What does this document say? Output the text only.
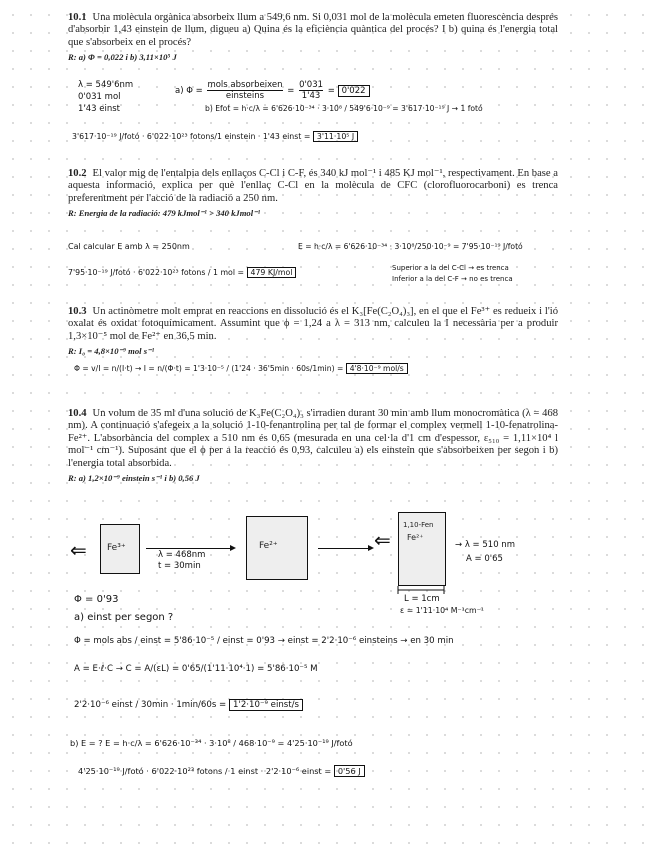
10.1 Una molècula orgànica absorbeix llum a 549,6 nm. Si 0,031 mol de la molècula emeten fluorescència després d'absorbir 1,43 einstein de llum, digueu a) Quina és la eficiència quàntica del procés? I b) quina és l'energia total que s'absorbeix en el procés?
R: a) Φ = 0,022 i b) 3,11×10⁵ J
λ = 549'6nm
0'031 mol
1'43 einst
a) $\Phi = \frac{\text{mols absorbeixen}}{\text{einsteins}} = \frac{0'031}{1'43} = 0'022$
b) Efot = h·c/λ = 6'626·10⁻³⁴ · 3·10⁸ / 549'6·10⁻⁹ = 3'617·10⁻¹⁹ J → 1 fotó
3'617·10⁻¹⁹ J/fotó · 6'022·10²³ fotons/1 einstein · 1'43 einst = 3'11·10⁵ J
10.2 El valor mig de l'entalpia dels enllaços C-Cl i C-F, és 340 kJ mol⁻¹ i 485 KJ mol⁻¹, respectivament. En base a aquesta informació, explica per què l'enllaç C-Cl en la molècula de CFC (clorofluorocarboni) es trenca preferentment per l'acció de la radiació a 250 nm.
R: Energia de la radiació: 479 kJmol⁻¹ > 340 kJmol⁻¹
Cal calcular E amb λ = 250nm	E = h·c/λ = 6'626·10⁻³⁴ · 3·10⁸/250·10⁻⁹ = 7'95·10⁻¹⁹ J/fotó
7'95·10⁻¹⁹ J/fotó · 6'022·10²³ fotons / 1 mol = 479 KJ/mol	Superior a la del C-Cl → es trenca
Inferior a la del C-F → no es trenca
10.3 Un actinòmetre molt emprat en reaccions en dissolució és el K₃[Fe(C₂O₄)₃], en el que el Fe³⁺ es redueix i l'ió oxalat és oxidat fotoquímicament. Assumint que ϕ = 1,24 a λ = 313 nm, calculeu la I necessària per a produir 1,3×10⁻⁵ mol de Fe²⁺ en 36,5 min.
R: I₀ = 4,8×10⁻⁹ mol s⁻¹
Φ = v/I = n/(I·t) → I = n/(Φ·t) = 1'3·10⁻⁵ / (1'24 · 36'5min · 60s/1min) = 4'8·10⁻⁹ mol/s
10.4 Un volum de 35 ml d'una solució de K₃Fe(C₂O₄)₃ s'irradien durant 30 min amb llum monocromàtica (λ = 468 nm). A continuació s'afegeix a la solució 1-10-fenantrolina per tal de formar el complex vermell 1-10-fenatrolina-Fe²⁺. L'absorbància del complex a 510 nm és 0,65 (mesurada en una cel·la d'1 cm d'espessor, ε₅₁₀ = 1,11×10⁴ l mol⁻¹ cm⁻¹). Suposant que el ϕ per a la reacció és 0,93, calculeu a) els einstein que s'absorbeixen per segon i b) l'energia total absorbida.
R: a) 1,2×10⁻⁹ einstein s⁻¹ i b) 0,56 J
⇐ Fe³⁺
λ = 468nm
t = 30min
Fe²⁺	⇐
1,10-Fen
Fe²⁺
→ λ = 510 nm
A = 0'65
L = 1cm
ε = 1'11·10⁴ M⁻¹cm⁻¹
Φ = 0'93
a) einst per segon ?
Φ = mols abs / einst = 5'86·10⁻⁵ / einst = 0'93 → einst = 2'2·10⁻⁶ einsteins → en 30 min
A = E·ℓ·C → C = A/(εL) = 0'65/(1'11·10⁴·1) = 5'86·10⁻⁵ M
2'2·10⁻⁶ einst / 30min · 1min/60s = 1'2·10⁻⁹ einst/s
b) E = ? E = h·c/λ = 6'626·10⁻³⁴ · 3·10⁸ / 468·10⁻⁹ = 4'25·10⁻¹⁹ J/fotó
4'25·10⁻¹⁹ J/fotó · 6'022·10²³ fotons / 1 einst · 2'2·10⁻⁶ einst = 0'56 J
